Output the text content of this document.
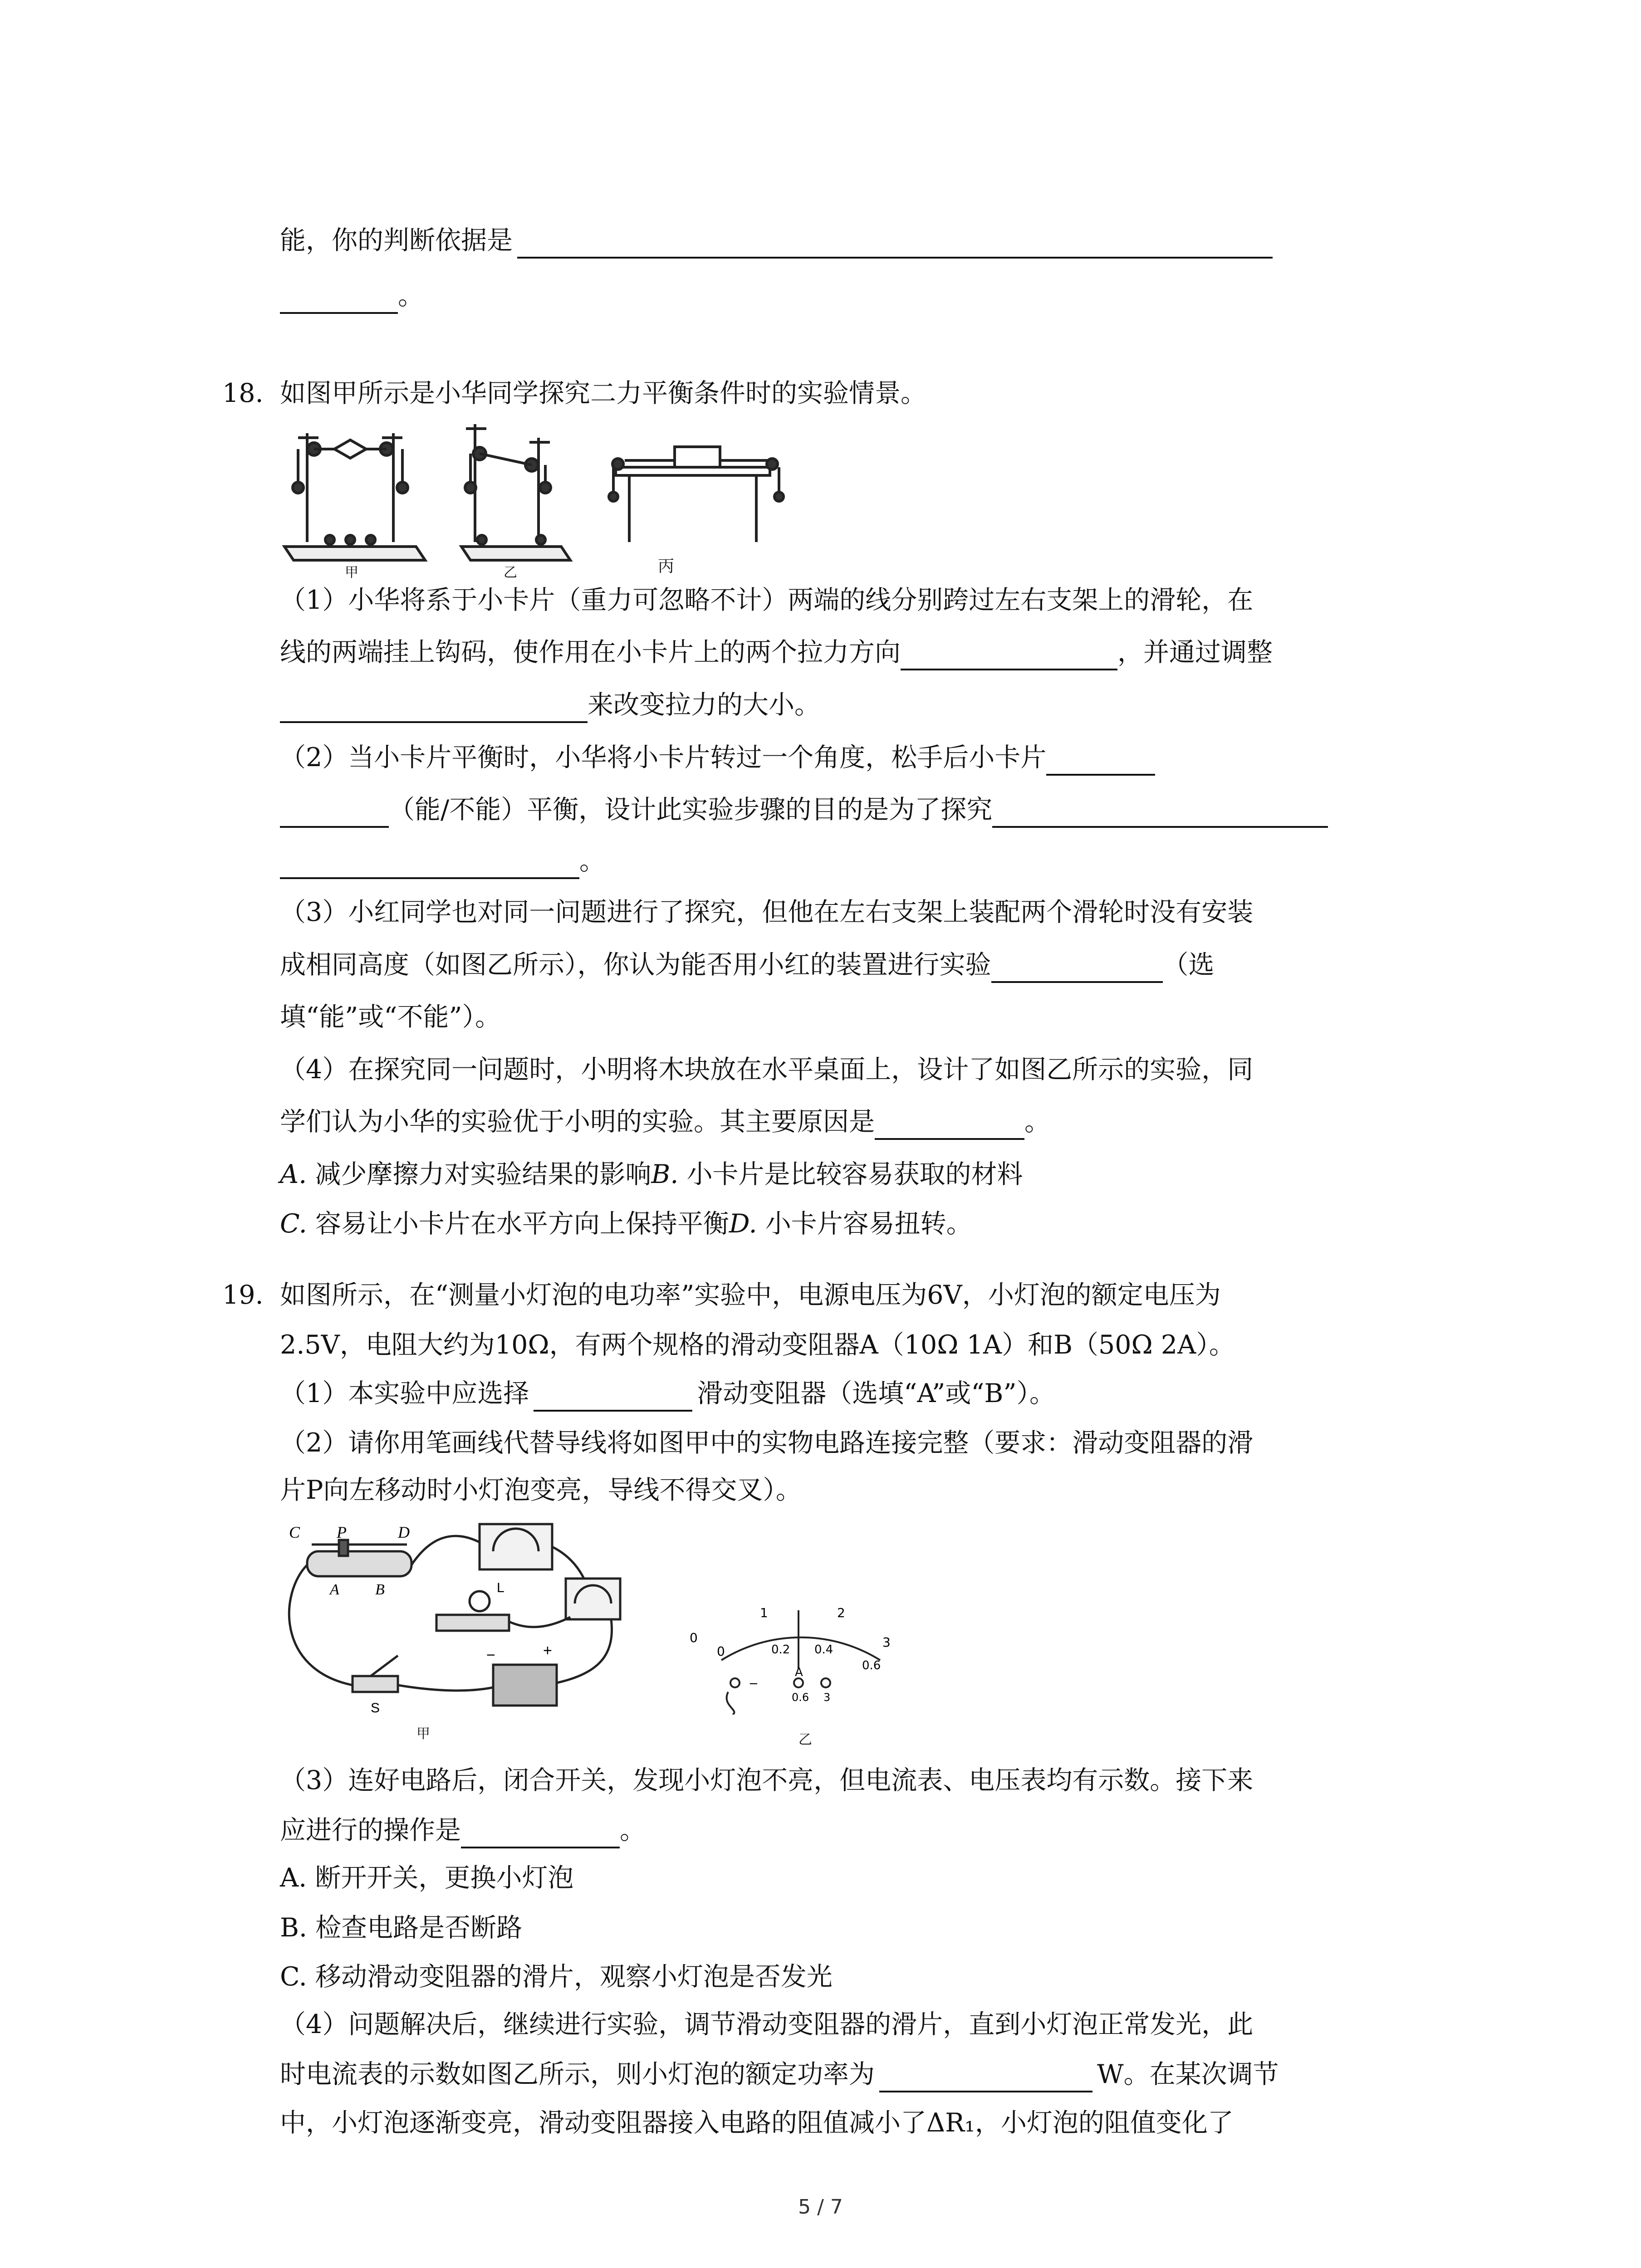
能，你的判断依据是
。
18. 如图甲所示是小华同学探究二力平衡条件时的实验情景。
甲	乙	丙
（1）小华将系于小卡片（重力可忽略不计）两端的线分别跨过左右支架上的滑轮，在
线的两端挂上钩码，使作用在小卡片上的两个拉力方向	，并通过调整
来改变拉力的大小。
（2）当小卡片平衡时，小华将小卡片转过一个角度，松手后小卡片
（能/不能）平衡，设计此实验步骤的目的是为了探究
。
（3）小红同学也对同一问题进行了探究，但他在左右支架上装配两个滑轮时没有安装
成相同高度（如图乙所示），你认为能否用小红的装置进行实验	（选
填“能”或“不能”）。
（4）在探究同一问题时，小明将木块放在水平桌面上，设计了如图乙所示的实验，同
学们认为小华的实验优于小明的实验。其主要原因是	。
A. 减少摩擦力对实验结果的影响B. 小卡片是比较容易获取的材料
C. 容易让小卡片在水平方向上保持平衡D. 小卡片容易扭转。
19. 如图所示，在“测量小灯泡的电功率”实验中，电源电压为6V，小灯泡的额定电压为
2.5V，电阻大约为10Ω，有两个规格的滑动变阻器A（10Ω 1A）和B（50Ω 2A）。
（1）本实验中应选择	滑动变阻器（选填“A”或“B”）。
（2）请你用笔画线代替导线将如图甲中的实物电路连接完整（要求：滑动变阻器的滑
片P向左移动时小灯泡变亮，导线不得交叉）。
C P	D
A B	L
S
−	+
甲
0
1	2
3
0
0.2 0.4
0.6
A
0.6 3
−
乙
（3）连好电路后，闭合开关，发现小灯泡不亮，但电流表、电压表均有示数。接下来
应进行的操作是	。
A. 断开开关，更换小灯泡
B. 检查电路是否断路
C. 移动滑动变阻器的滑片，观察小灯泡是否发光
（4）问题解决后，继续进行实验，调节滑动变阻器的滑片，直到小灯泡正常发光，此
时电流表的示数如图乙所示，则小灯泡的额定功率为	W。在某次调节
中，小灯泡逐渐变亮，滑动变阻器接入电路的阻值减小了ΔR₁，小灯泡的阻值变化了
5 / 7
